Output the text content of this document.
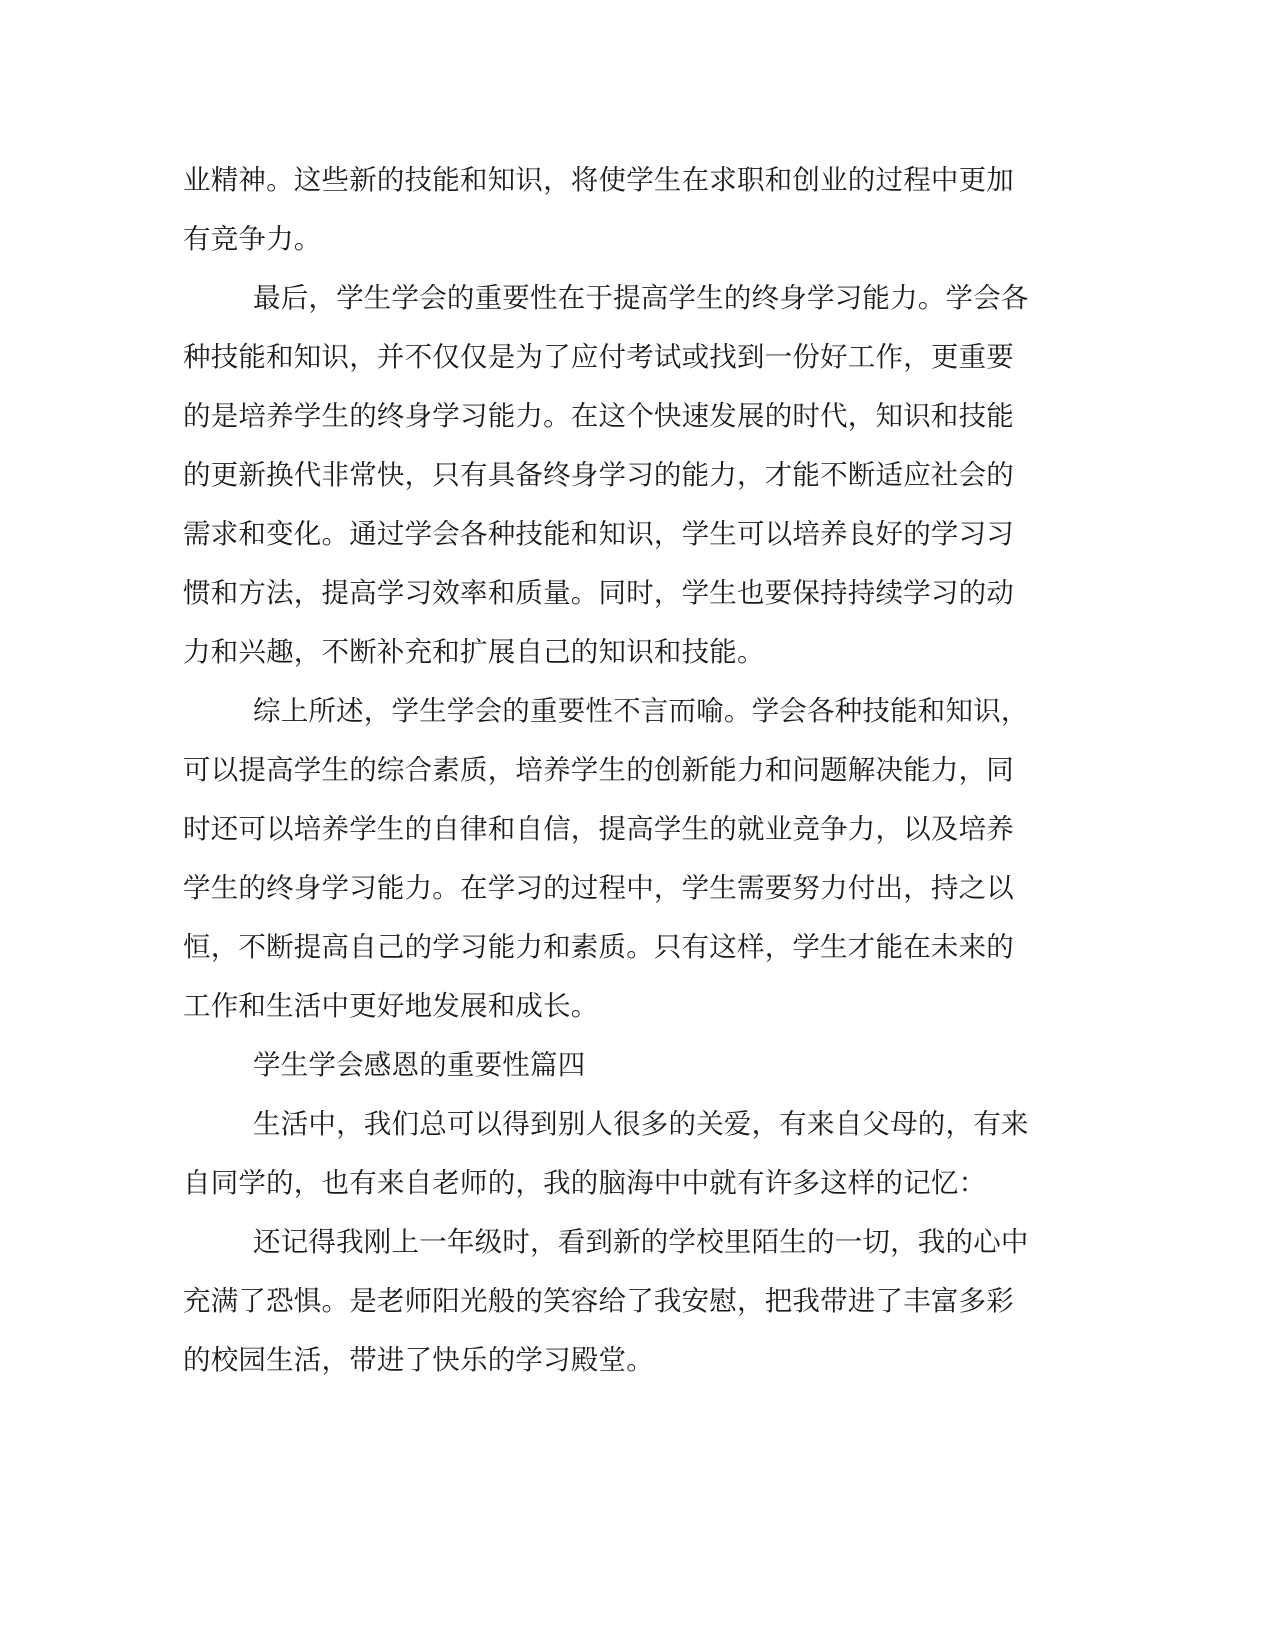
业精神。这些新的技能和知识，将使学生在求职和创业的过程中更加
有竞争力。
最后，学生学会的重要性在于提高学生的终身学习能力。学会各
种技能和知识，并不仅仅是为了应付考试或找到一份好工作，更重要
的是培养学生的终身学习能力。在这个快速发展的时代，知识和技能
的更新换代非常快，只有具备终身学习的能力，才能不断适应社会的
需求和变化。通过学会各种技能和知识，学生可以培养良好的学习习
惯和方法，提高学习效率和质量。同时，学生也要保持持续学习的动
力和兴趣，不断补充和扩展自己的知识和技能。
综上所述，学生学会的重要性不言而喻。学会各种技能和知识，
可以提高学生的综合素质，培养学生的创新能力和问题解决能力，同
时还可以培养学生的自律和自信，提高学生的就业竞争力，以及培养
学生的终身学习能力。在学习的过程中，学生需要努力付出，持之以
恒，不断提高自己的学习能力和素质。只有这样，学生才能在未来的
工作和生活中更好地发展和成长。
学生学会感恩的重要性篇四
生活中，我们总可以得到别人很多的关爱，有来自父母的，有来
自同学的，也有来自老师的，我的脑海中中就有许多这样的记忆：
还记得我刚上一年级时，看到新的学校里陌生的一切，我的心中
充满了恐惧。是老师阳光般的笑容给了我安慰，把我带进了丰富多彩
的校园生活，带进了快乐的学习殿堂。
